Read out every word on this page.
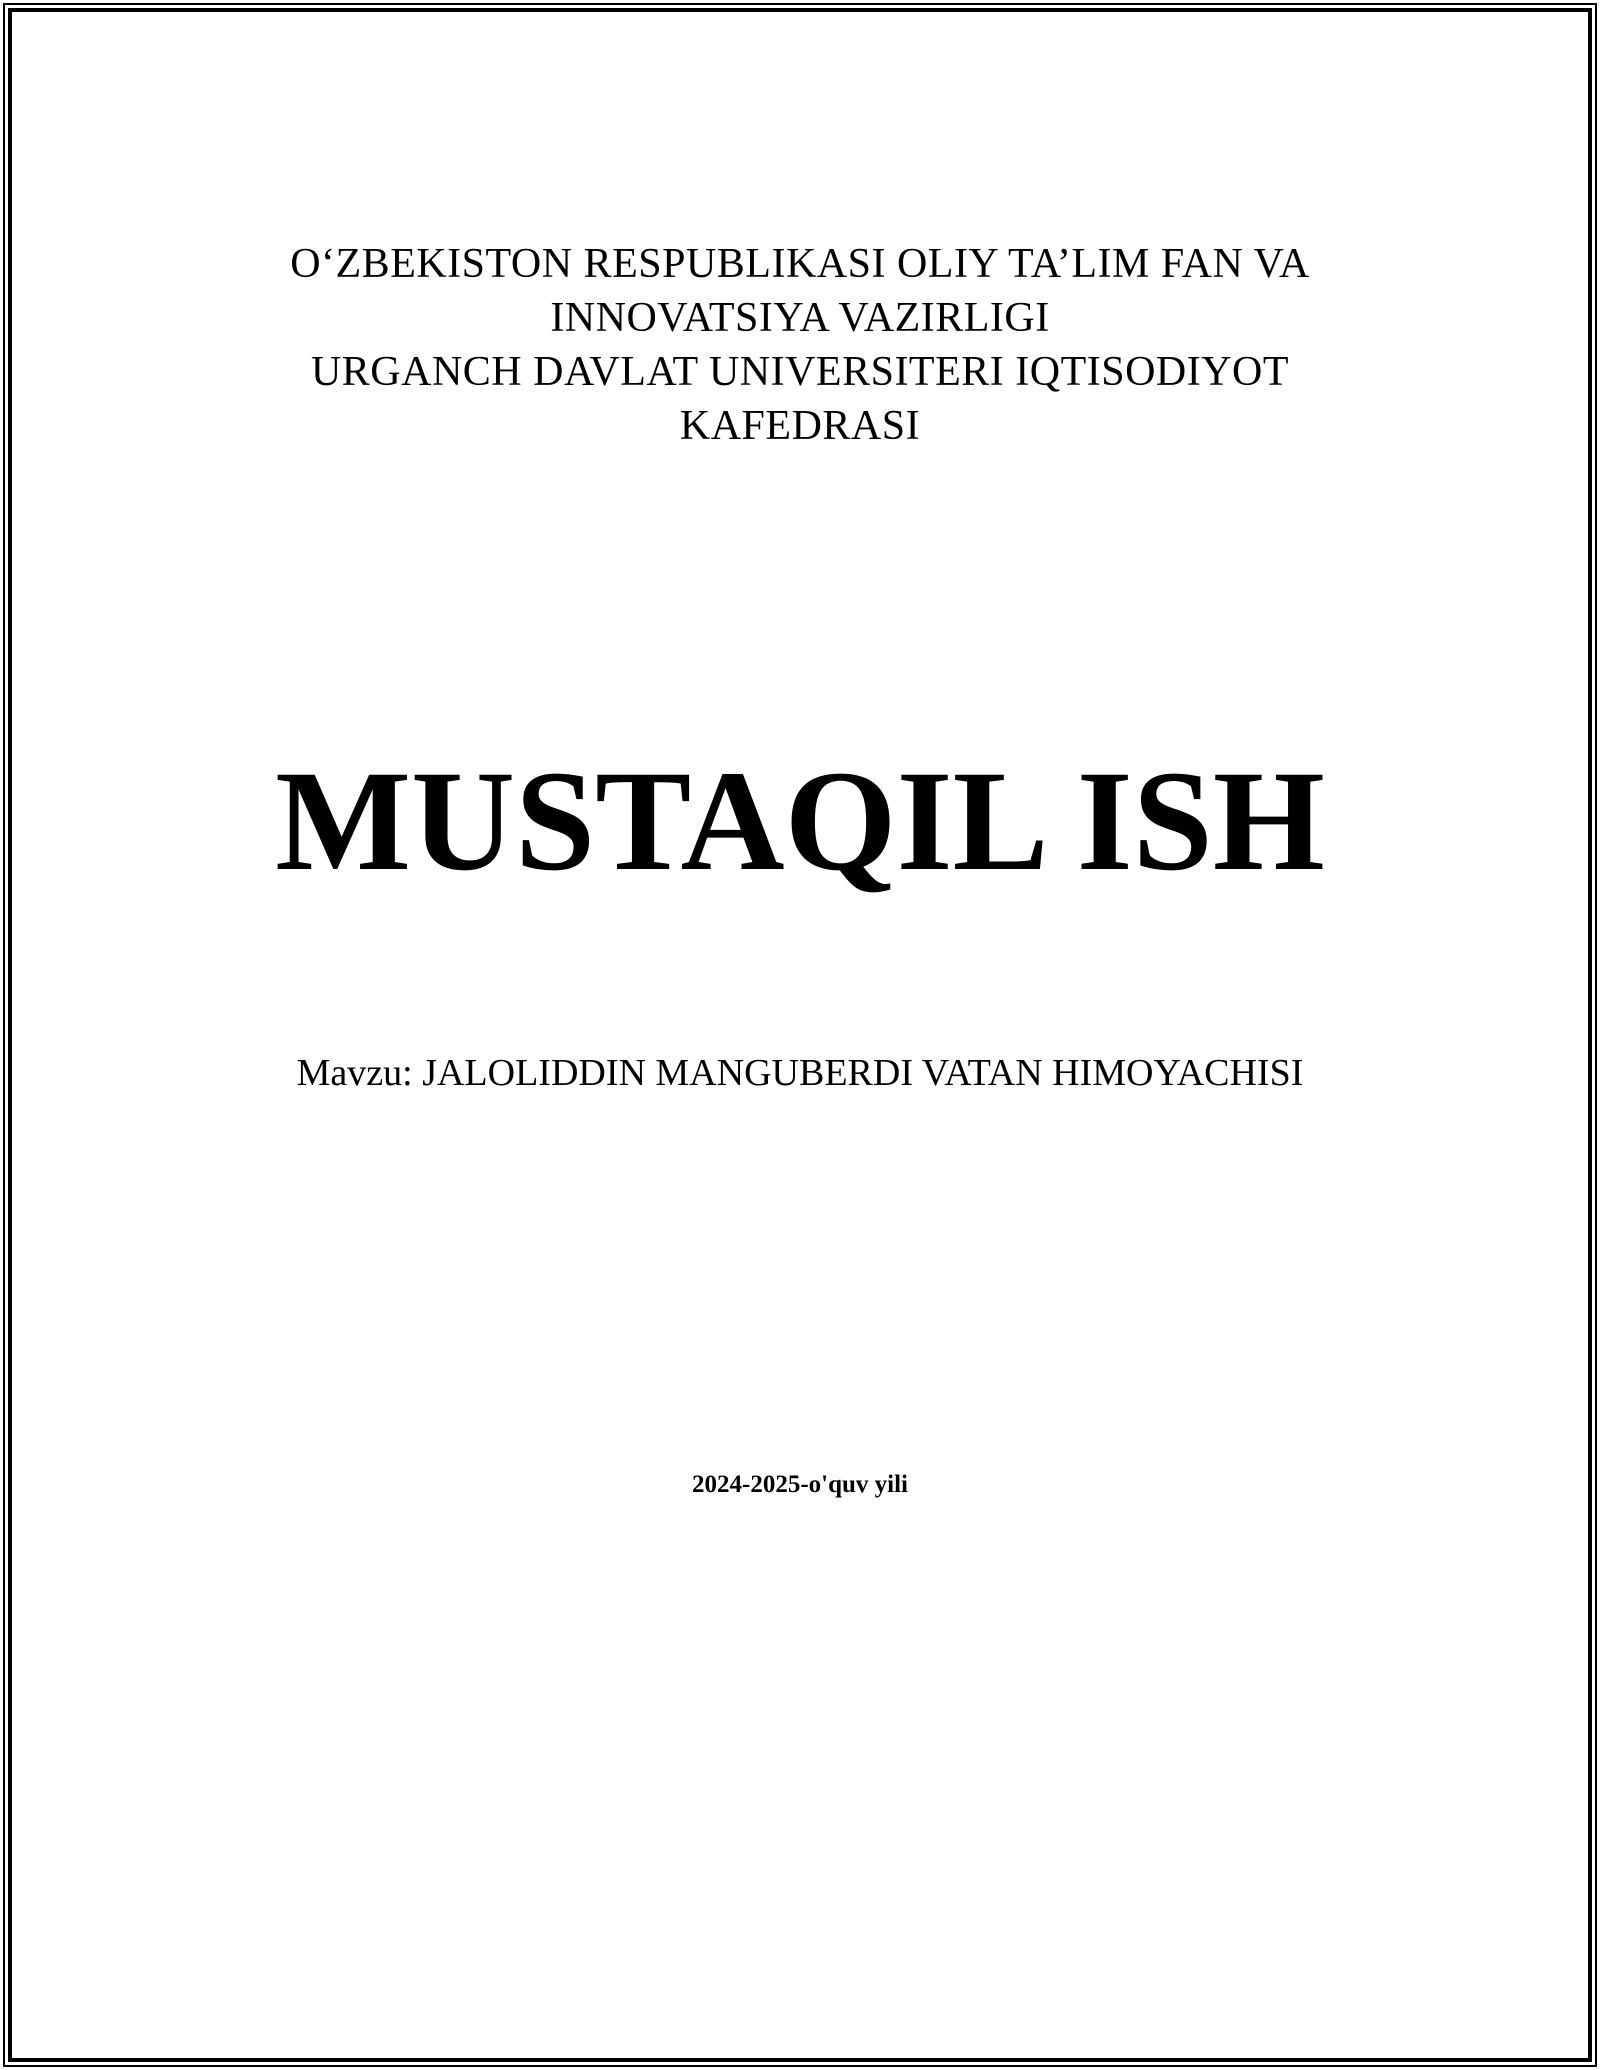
O‘ZBEKISTON RESPUBLIKASI OLIY TA’LIM FAN VA
INNOVATSIYA VAZIRLIGI
URGANCH DAVLAT UNIVERSITERI IQTISODIYOT
KAFEDRASI
MUSTAQIL ISH
Mavzu: JALOLIDDIN MANGUBERDI VATAN HIMOYACHISI
2024-2025-o'quv yili
